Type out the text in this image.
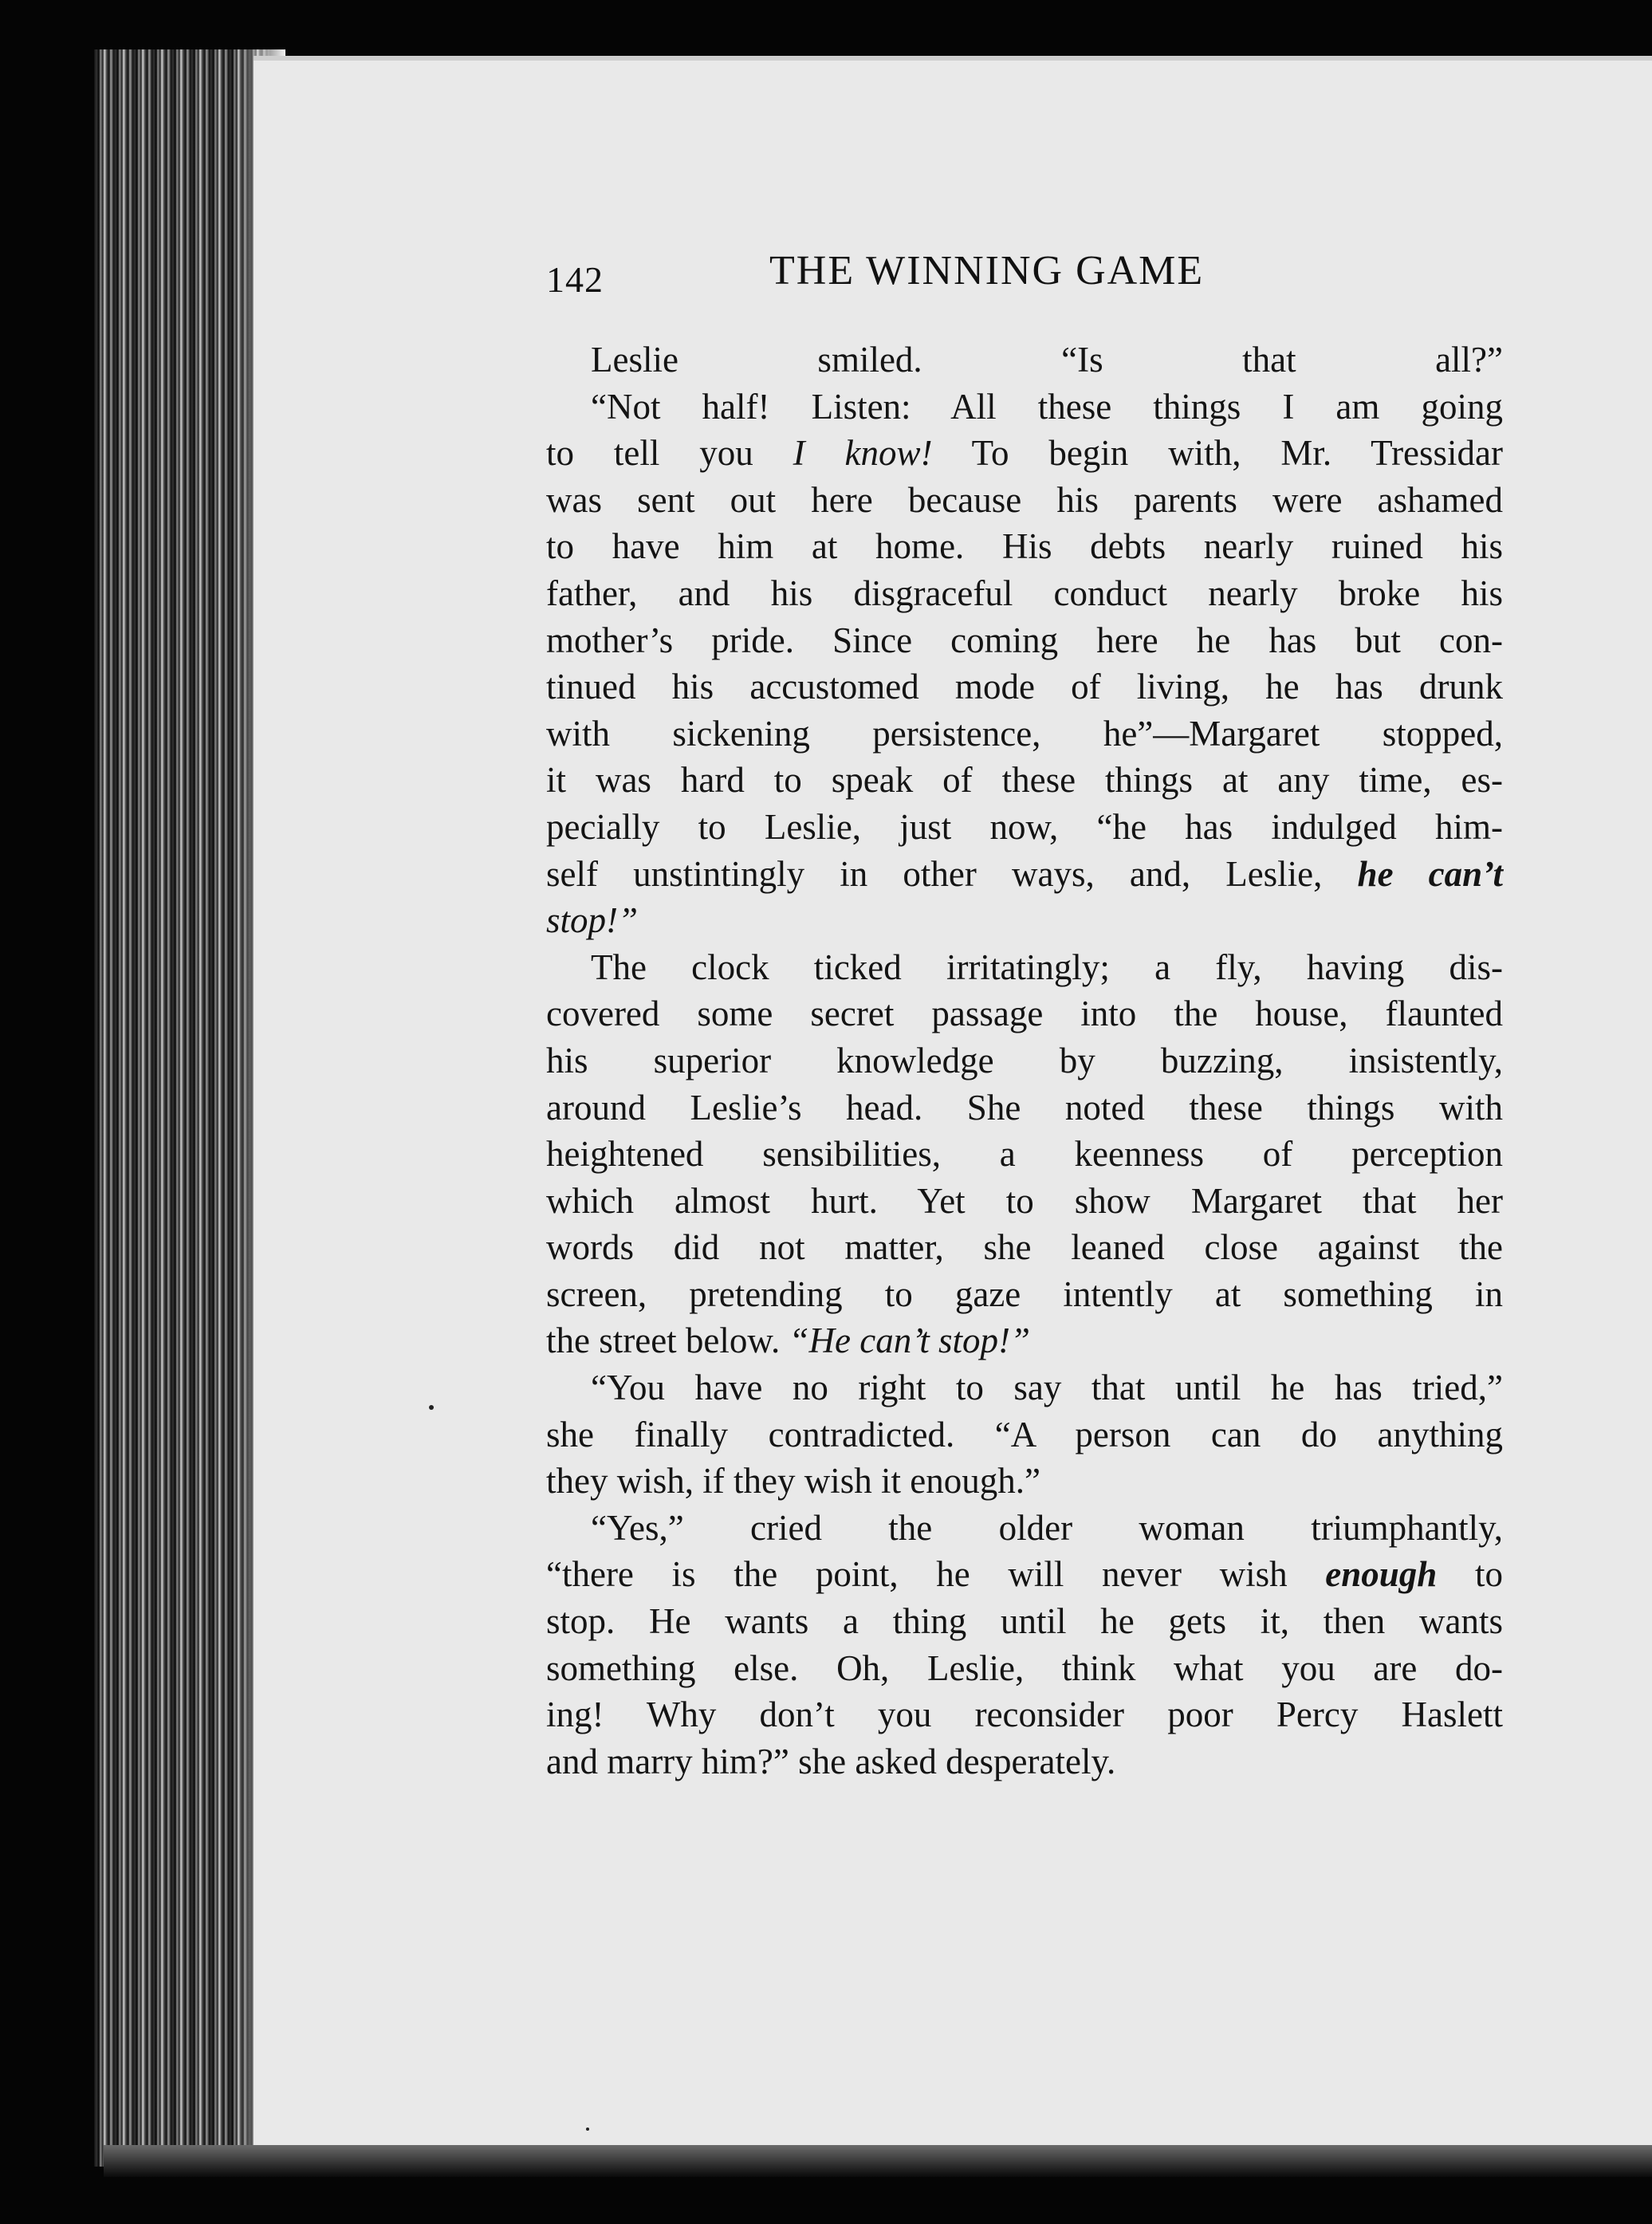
142	THE WINNING GAME
Leslie smiled. “Is that all?”
“Not half! Listen: All these things I am going
to tell you I know! To begin with, Mr. Tressidar
was sent out here because his parents were ashamed
to have him at home. His debts nearly ruined his
father, and his disgraceful conduct nearly broke his
mother’s pride. Since coming here he has but con-
tinued his accustomed mode of living, he has drunk
with sickening persistence, he”—Margaret stopped,
it was hard to speak of these things at any time, es-
pecially to Leslie, just now, “he has indulged him-
self unstintingly in other ways, and, Leslie, he can’t
stop!”
The clock ticked irritatingly; a fly, having dis-
covered some secret passage into the house, flaunted
his superior knowledge by buzzing, insistently,
around Leslie’s head. She noted these things with
heightened sensibilities, a keenness of perception
which almost hurt. Yet to show Margaret that her
words did not matter, she leaned close against the
screen, pretending to gaze intently at something in
the street below. “He can’t stop!”
“You have no right to say that until he has tried,”
she finally contradicted. “A person can do anything
they wish, if they wish it enough.”
“Yes,” cried the older woman triumphantly,
“there is the point, he will never wish enough to
stop. He wants a thing until he gets it, then wants
something else. Oh, Leslie, think what you are do-
ing! Why don’t you reconsider poor Percy Haslett
and marry him?” she asked desperately.
